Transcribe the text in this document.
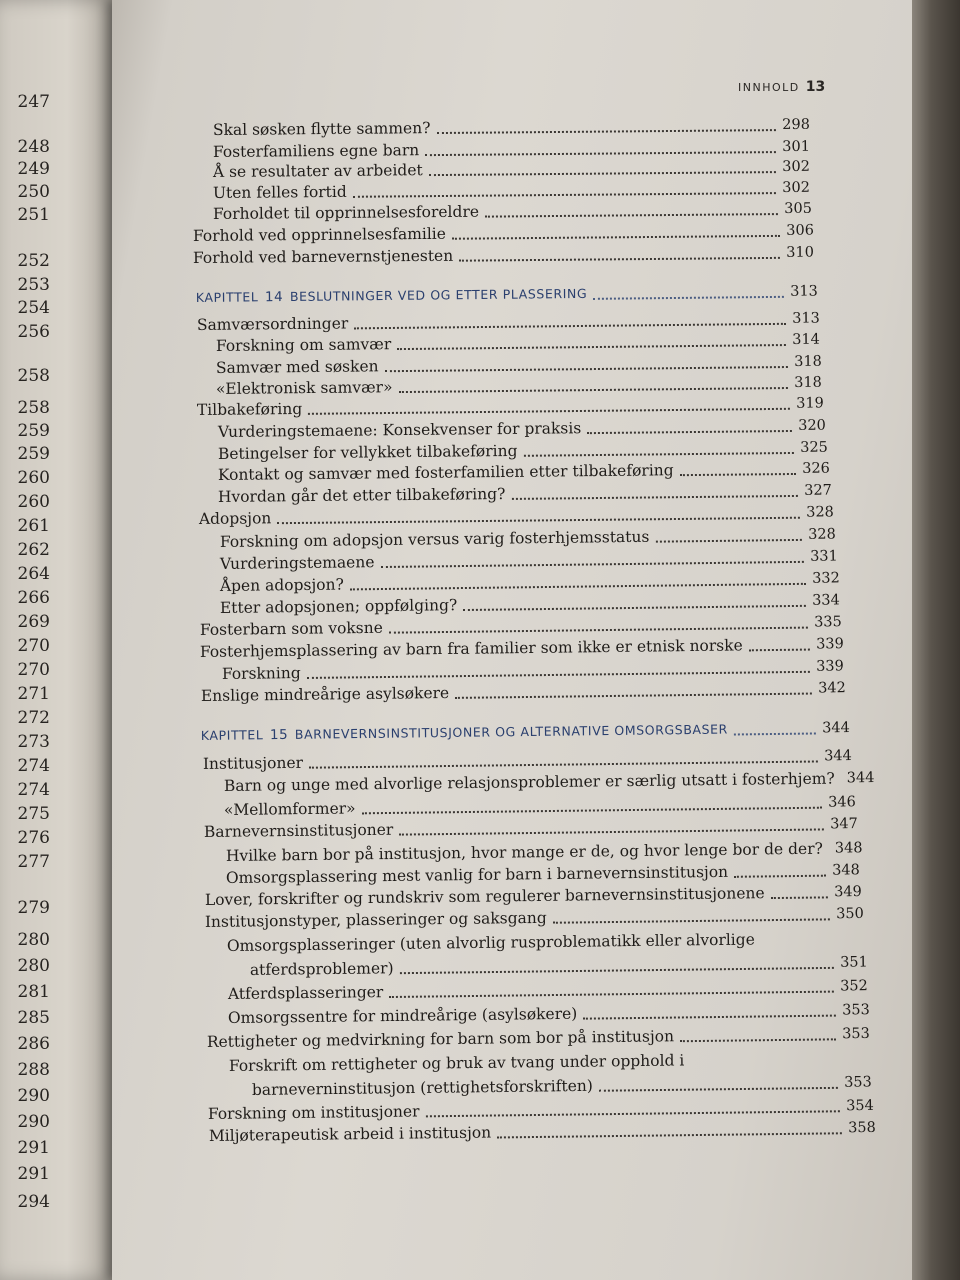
247
248
249
250
251
252
253
254
256
258
258
259
259
260
260
261
262
264
266
269
270
270
271
272
273
274
274
275
276
277
279
280
280
281
285
286
288
290
290
291
291
294
INNHOLD 13
Skal søsken flytte sammen?	298
Fosterfamiliens egne barn	301
Å se resultater av arbeidet	302
Uten felles fortid	302
Forholdet til opprinnelsesforeldre	305
Forhold ved opprinnelsesfamilie	306
Forhold ved barnevernstjenesten	310
KAPITTEL 14 BESLUTNINGER VED OG ETTER PLASSERING	313
Samværsordninger	313
Forskning om samvær	314
Samvær med søsken	318
«Elektronisk samvær»	318
Tilbakeføring	319
Vurderingstemaene: Konsekvenser for praksis	320
Betingelser for vellykket tilbakeføring	325
Kontakt og samvær med fosterfamilien etter tilbakeføring	326
Hvordan går det etter tilbakeføring?	327
Adopsjon	328
Forskning om adopsjon versus varig fosterhjemsstatus	328
Vurderingstemaene	331
Åpen adopsjon?	332
Etter adopsjonen; oppfølging?	334
Fosterbarn som voksne	335
Fosterhjemsplassering av barn fra familier som ikke er etnisk norske	339
Forskning	339
Enslige mindreårige asylsøkere	342
KAPITTEL 15 BARNEVERNSINSTITUSJONER OG ALTERNATIVE OMSORGSBASER	344
Institusjoner	344
Barn og unge med alvorlige relasjonsproblemer er særlig utsatt i fosterhjem? 344
«Mellomformer»	346
Barnevernsinstitusjoner	347
Hvilke barn bor på institusjon, hvor mange er de, og hvor lenge bor de der? 348
Omsorgsplassering mest vanlig for barn i barnevernsinstitusjon	348
Lover, forskrifter og rundskriv som regulerer barnevernsinstitusjonene	349
Institusjonstyper, plasseringer og saksgang	350
Omsorgsplasseringer (uten alvorlig rusproblematikk eller alvorlige
atferdsproblemer)	351
Atferdsplasseringer	352
Omsorgssentre for mindreårige (asylsøkere)	353
Rettigheter og medvirkning for barn som bor på institusjon	353
Forskrift om rettigheter og bruk av tvang under opphold i
barneverninstitusjon (rettighetsforskriften)	353
Forskning om institusjoner	354
Miljøterapeutisk arbeid i institusjon	358
